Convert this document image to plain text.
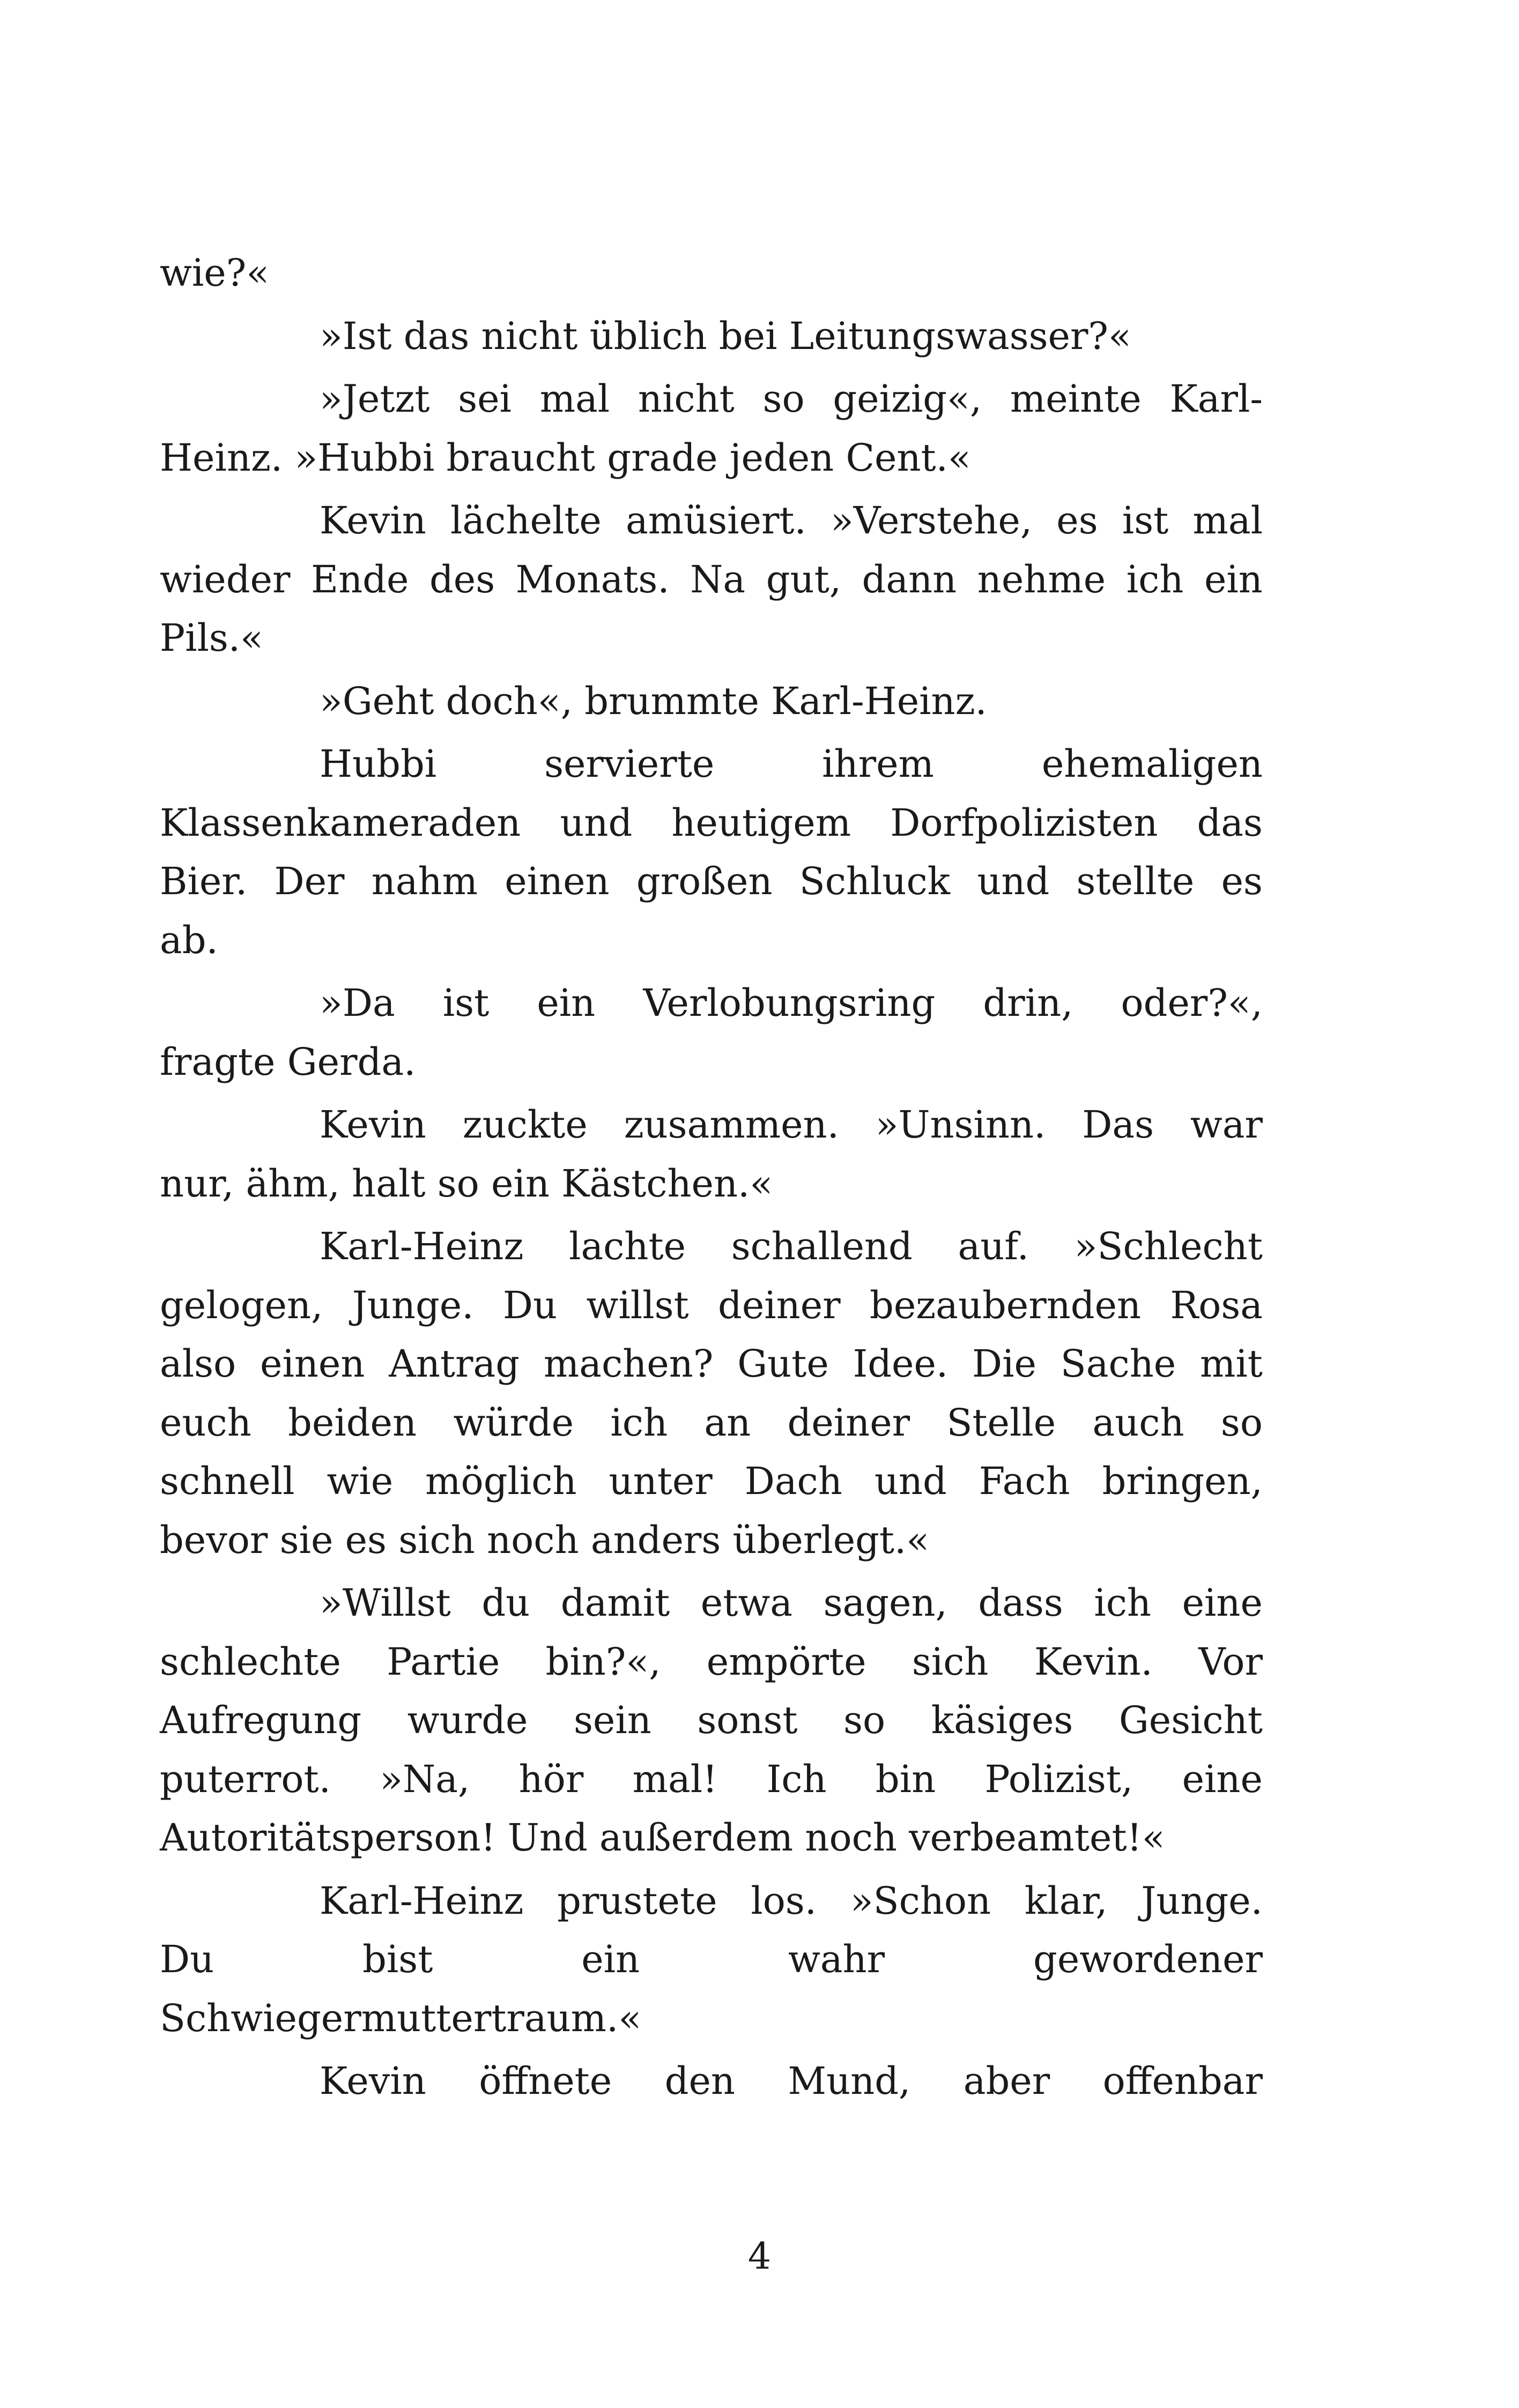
wie?«
»Ist das nicht üblich bei Leitungswasser?«
»Jetzt sei mal nicht so geizig«, meinte Karl-
Heinz. »Hubbi braucht grade jeden Cent.«
Kevin lächelte amüsiert. »Verstehe, es ist mal
wieder Ende des Monats. Na gut, dann nehme ich ein
Pils.«
»Geht doch«, brummte Karl-Heinz.
Hubbi	servierte	ihrem	ehemaligen
Klassenkameraden und heutigem Dorfpolizisten das
Bier. Der nahm einen großen Schluck und stellte es
ab.
»Da ist ein Verlobungsring drin, oder?«,
fragte Gerda.
Kevin zuckte zusammen. »Unsinn. Das war
nur, ähm, halt so ein Kästchen.«
Karl-Heinz lachte schallend auf. »Schlecht
gelogen, Junge. Du willst deiner bezaubernden Rosa
also einen Antrag machen? Gute Idee. Die Sache mit
euch beiden würde ich an deiner Stelle auch so
schnell wie möglich unter Dach und Fach bringen,
bevor sie es sich noch anders überlegt.«
»Willst du damit etwa sagen, dass ich eine
schlechte Partie bin?«, empörte sich Kevin. Vor
Aufregung wurde sein sonst so käsiges Gesicht
puterrot. »Na, hör mal! Ich bin Polizist, eine
Autoritätsperson! Und außerdem noch verbeamtet!«
Karl-Heinz prustete los. »Schon klar, Junge.
Du	bist	ein	wahr	gewordener
Schwiegermuttertraum.«
Kevin öffnete den Mund, aber offenbar
4
